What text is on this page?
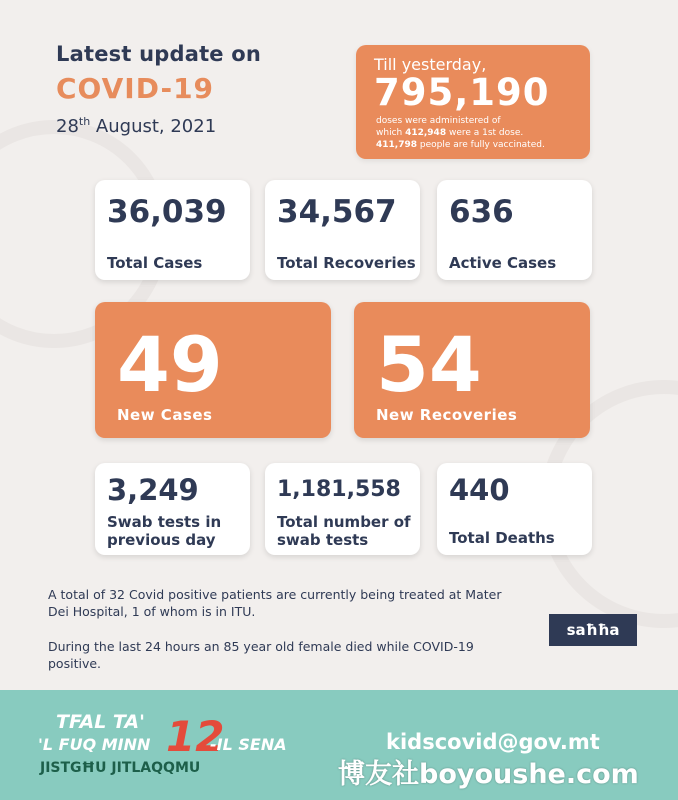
Latest update on
COVID-19
28th August, 2021
Till yesterday,
795,190
doses were administered of
which 412,948 were a 1st dose.
411,798 people are fully vaccinated.
36,039
Total Cases
34,567
Total Recoveries
636
Active Cases
49
New Cases
54
New Recoveries
3,249
Swab tests in previous day
1,181,558
Total number of swab tests
440
Total Deaths
A total of 32 Covid positive patients are currently being treated at Mater Dei Hospital, 1 of whom is in ITU.
During the last 24 hours an 85 year old female died while COVID-19 positive.
saħħa
TFAL TA'
'L FUQ MINN 12
-IL SENA
JISTGĦU JITLAQQMU
kidscovid@gov.mt
博友社boyoushe.com
